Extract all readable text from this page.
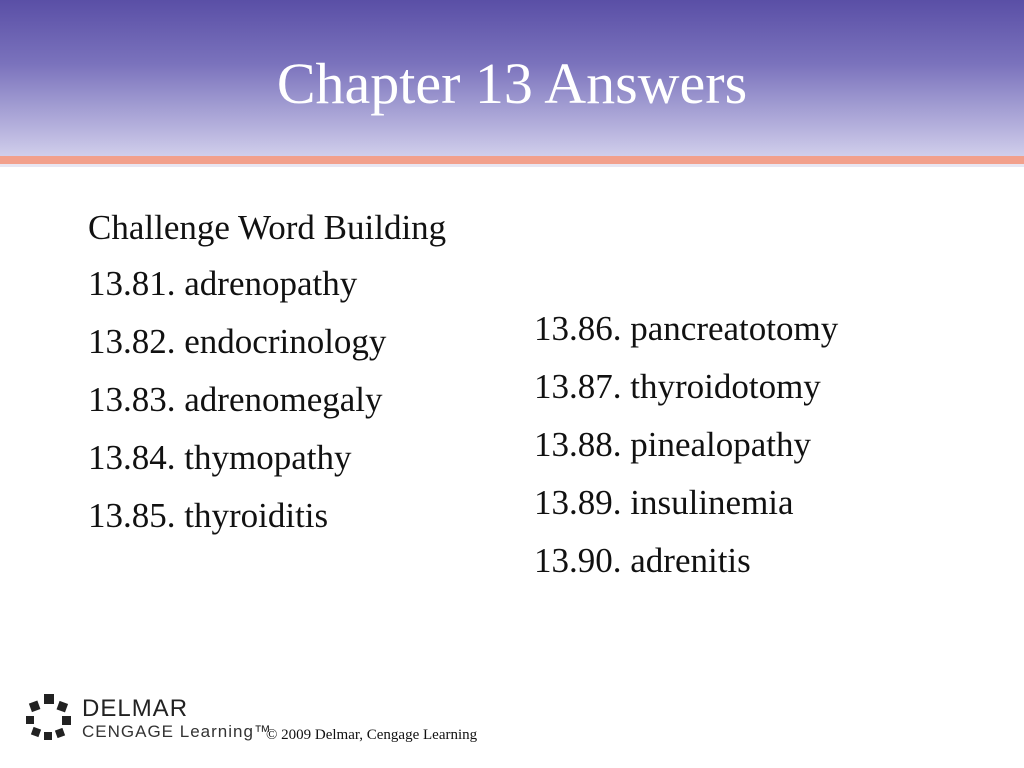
Chapter 13 Answers
Challenge Word Building
13.81. adrenopathy
13.82. endocrinology
13.83. adrenomegaly
13.84. thymopathy
13.85. thyroiditis
13.86. pancreatotomy
13.87. thyroidotomy
13.88. pinealopathy
13.89. insulinemia
13.90. adrenitis
DELMAR
CENGAGE Learning™
© 2009 Delmar, Cengage Learning
